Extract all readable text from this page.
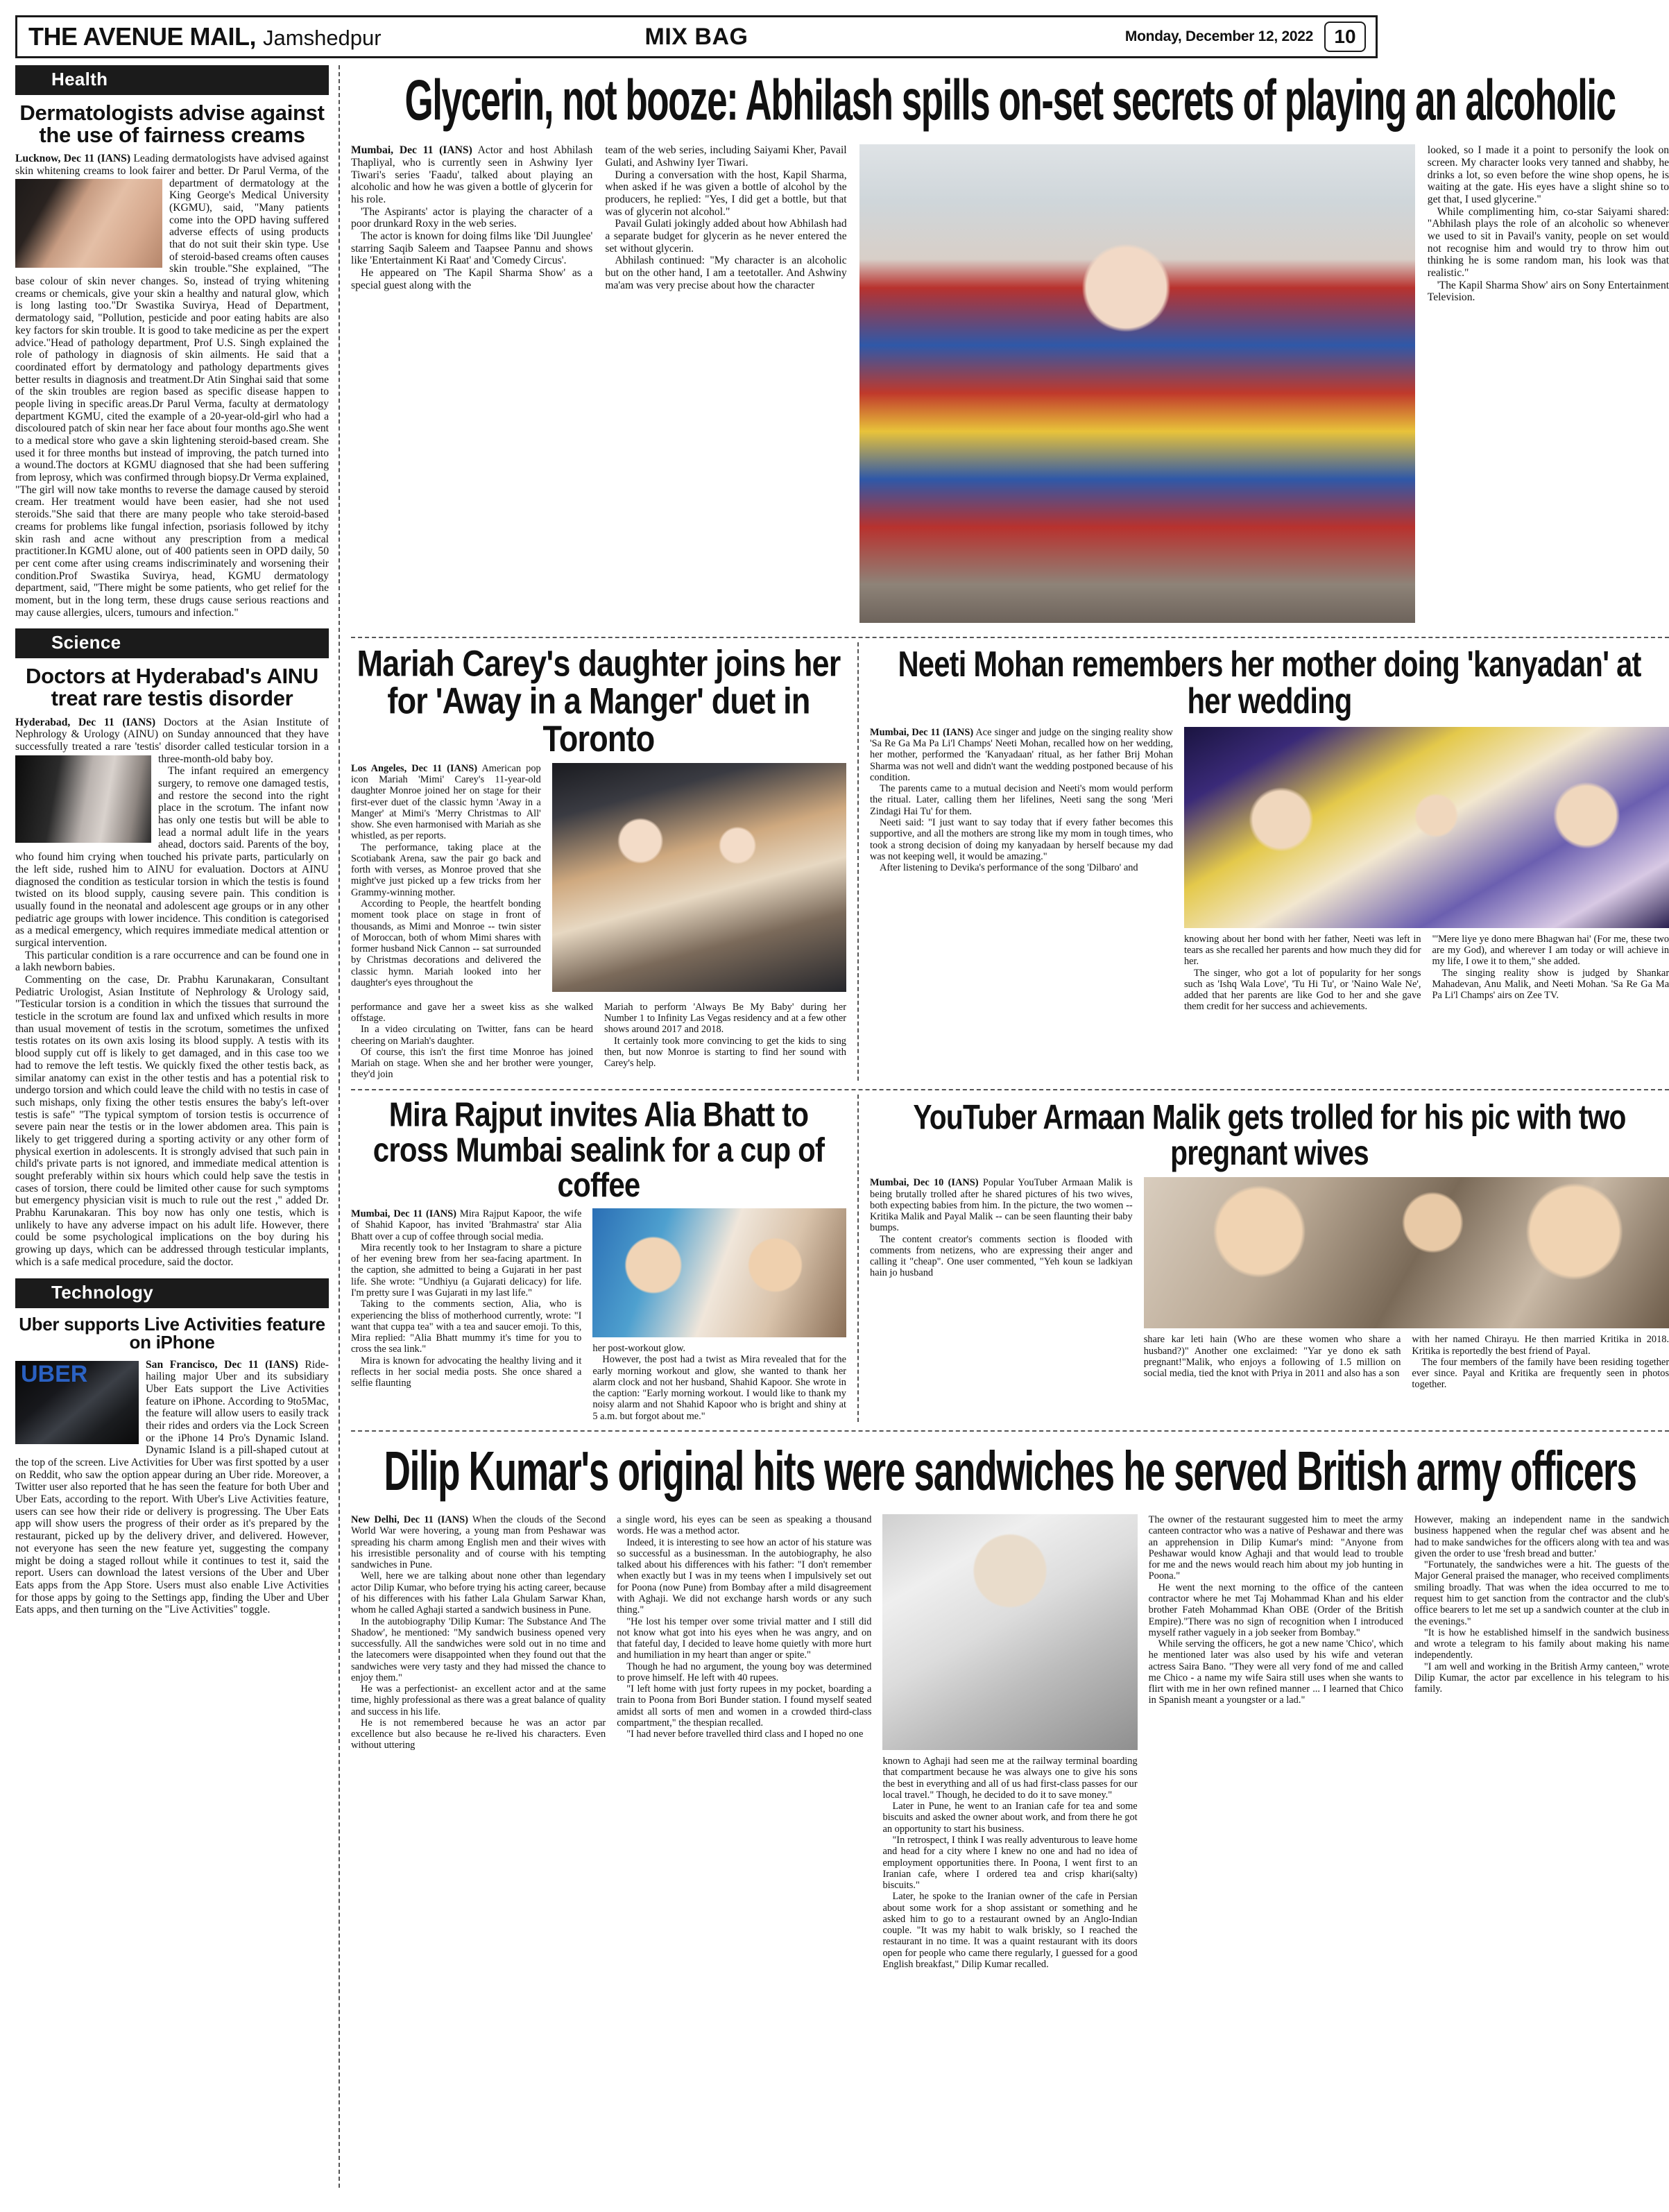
THE AVENUE MAIL, Jamshedpur	MIX BAG	Monday, December 12, 2022	10
Health
Dermatologists advise against the use of fairness creams
Lucknow, Dec 11 (IANS) Leading dermatologists have advised against skin whitening creams to look fairer and better. Dr Parul Verma, of the department of dermatology at the King George's Medical University (KGMU), said, "Many patients come into the OPD having suffered adverse effects of using products that do not suit their skin type. Use of steroid-based creams often causes skin trouble."She explained, "The base colour of skin never changes. So, instead of trying whitening creams or chemicals, give your skin a healthy and natural glow, which is long lasting too."Dr Swastika Suvirya, Head of Department, dermatology said, "Pollution, pesticide and poor eating habits are also key factors for skin trouble. It is good to take medicine as per the expert advice."Head of pathology department, Prof U.S. Singh explained the role of pathology in diagnosis of skin ailments. He said that a coordinated effort by dermatology and pathology departments gives better results in diagnosis and treatment.Dr Atin Singhai said that some of the skin troubles are region based as specific disease happen to people living in specific areas.Dr Parul Verma, faculty at dermatology department KGMU, cited the example of a 20-year-old-girl who had a discoloured patch of skin near her face about four months ago.She went to a medical store who gave a skin lightening steroid-based cream. She used it for three months but instead of improving, the patch turned into a wound.The doctors at KGMU diagnosed that she had been suffering from leprosy, which was confirmed through biopsy.Dr Verma explained, "The girl will now take months to reverse the damage caused by steroid cream. Her treatment would have been easier, had she not used steroids."She said that there are many people who take steroid-based creams for problems like fungal infection, psoriasis followed by itchy skin rash and acne without any prescription from a medical practitioner.In KGMU alone, out of 400 patients seen in OPD daily, 50 per cent come after using creams indiscriminately and worsening their condition.Prof Swastika Suvirya, head, KGMU dermatology department, said, "There might be some patients, who get relief for the moment, but in the long term, these drugs cause serious reactions and may cause allergies, ulcers, tumours and infection."
Science
Doctors at Hyderabad's AINU treat rare testis disorder
Hyderabad, Dec 11 (IANS) Doctors at the Asian Institute of Nephrology & Urology (AINU) on Sunday announced that they have successfully treated a rare 'testis' disorder called testicular torsion in a three-month-old baby boy.
The infant required an emergency surgery, to remove one damaged testis, and restore the second into the right place in the scrotum. The infant now has only one testis but will be able to lead a normal adult life in the years ahead, doctors said. Parents of the boy, who found him crying when touched his private parts, particularly on the left side, rushed him to AINU for evaluation. Doctors at AINU diagnosed the condition as testicular torsion in which the testis is found twisted on its blood supply, causing severe pain. This condition is usually found in the neonatal and adolescent age groups or in any other pediatric age groups with lower incidence. This condition is categorised as a medical emergency, which requires immediate medical attention or surgical intervention.
This particular condition is a rare occurrence and can be found one in a lakh newborn babies.
Commenting on the case, Dr. Prabhu Karunakaran, Consultant Pediatric Urologist, Asian Institute of Nephrology & Urology said, "Testicular torsion is a condition in which the tissues that surround the testicle in the scrotum are found lax and unfixed which results in more than usual movement of testis in the scrotum, sometimes the unfixed testis rotates on its own axis losing its blood supply. A testis with its blood supply cut off is likely to get damaged, and in this case too we had to remove the left testis. We quickly fixed the other testis back, as similar anatomy can exist in the other testis and has a potential risk to undergo torsion and which could leave the child with no testis in case of such mishaps, only fixing the other testis ensures the baby's left-over testis is safe" "The typical symptom of torsion testis is occurrence of severe pain near the testis or in the lower abdomen area. This pain is likely to get triggered during a sporting activity or any other form of physical exertion in adolescents. It is strongly advised that such pain in child's private parts is not ignored, and immediate medical attention is sought preferably within six hours which could help save the testis in cases of torsion, there could be limited other cause for such symptoms but emergency physician visit is much to rule out the rest ," added Dr. Prabhu Karunakaran. This boy now has only one testis, which is unlikely to have any adverse impact on his adult life. However, there could be some psychological implications on the boy during his growing up days, which can be addressed through testicular implants, which is a safe medical procedure, said the doctor.
Technology
Uber supports Live Activities feature on iPhone
San Francisco, Dec 11 (IANS) UBER Ride-hailing major Uber and its subsidiary Uber Eats support the Live Activities feature on iPhone. According to 9to5Mac, the feature will allow users to easily track their rides and orders via the Lock Screen or the iPhone 14 Pro's Dynamic Island. Dynamic Island is a pill-shaped cutout at the top of the screen. Live Activities for Uber was first spotted by a user on Reddit, who saw the option appear during an Uber ride. Moreover, a Twitter user also reported that he has seen the feature for both Uber and Uber Eats, according to the report. With Uber's Live Activities feature, users can see how their ride or delivery is progressing. The Uber Eats app will show users the progress of their order as it's prepared by the restaurant, picked up by the delivery driver, and delivered. However, not everyone has seen the new feature yet, suggesting the company might be doing a staged rollout while it continues to test it, said the report. Users can download the latest versions of the Uber and Uber Eats apps from the App Store. Users must also enable Live Activities for those apps by going to the Settings app, finding the Uber and Uber Eats apps, and then turning on the "Live Activities" toggle.
Glycerin, not booze: Abhilash spills on-set secrets of playing an alcoholic
Mumbai, Dec 11 (IANS) Actor and host Abhilash Thapliyal, who is currently seen in Ashwiny Iyer Tiwari's series 'Faadu', talked about playing an alcoholic and how he was given a bottle of glycerin for his role.
'The Aspirants' actor is playing the character of a poor drunkard Roxy in the web series.
The actor is known for doing films like 'Dil Juunglee' starring Saqib Saleem and Taapsee Pannu and shows like 'Entertainment Ki Raat' and 'Comedy Circus'.
He appeared on 'The Kapil Sharma Show' as a special guest along with the
team of the web series, including Saiyami Kher, Pavail Gulati, and Ashwiny Iyer Tiwari.
During a conversation with the host, Kapil Sharma, when asked if he was given a bottle of alcohol by the producers, he replied: "Yes, I did get a bottle, but that was of glycerin not alcohol."
Pavail Gulati jokingly added about how Abhilash had a separate budget for glycerin as he never entered the set without glycerin.
Abhilash continued: "My character is an alcoholic but on the other hand, I am a teetotaller. And Ashwiny ma'am was very precise about how the character
looked, so I made it a point to personify the look on screen. My character looks very tanned and shabby, he drinks a lot, so even before the wine shop opens, he is waiting at the gate. His eyes have a slight shine so to get that, I used glycerine."
While complimenting him, co-star Saiyami shared: "Abhilash plays the role of an alcoholic so whenever we used to sit in Pavail's vanity, people on set would not recognise him and would try to throw him out thinking he is some random man, his look was that realistic."
'The Kapil Sharma Show' airs on Sony Entertainment Television.
Mariah Carey's daughter joins her for 'Away in a Manger' duet in Toronto
Los Angeles, Dec 11 (IANS) American pop icon Mariah 'Mimi' Carey's 11-year-old daughter Monroe joined her on stage for their first-ever duet of the classic hymn 'Away in a Manger' at Mimi's 'Merry Christmas to All' show. She even harmonised with Mariah as she whistled, as per reports.
The performance, taking place at the Scotiabank Arena, saw the pair go back and forth with verses, as Monroe proved that she might've just picked up a few tricks from her Grammy-winning mother.
According to People, the heartfelt bonding moment took place on stage in front of thousands, as Mimi and Monroe -- twin sister of Moroccan, both of whom Mimi shares with former husband Nick Cannon -- sat surrounded by Christmas decorations and delivered the classic hymn. Mariah looked into her daughter's eyes throughout the
performance and gave her a sweet kiss as she walked offstage.
In a video circulating on Twitter, fans can be heard cheering on Mariah's daughter.
Of course, this isn't the first time Monroe has joined Mariah on stage. When she and her brother were younger, they'd join
Mariah to perform 'Always Be My Baby' during her Number 1 to Infinity Las Vegas residency and at a few other shows around 2017 and 2018.
It certainly took more convincing to get the kids to sing then, but now Monroe is starting to find her sound with Carey's help.
Neeti Mohan remembers her mother doing 'kanyadan' at her wedding
Mumbai, Dec 11 (IANS) Ace singer and judge on the singing reality show 'Sa Re Ga Ma Pa Li'l Champs' Neeti Mohan, recalled how on her wedding, her mother, performed the 'Kanyadaan' ritual, as her father Brij Mohan Sharma was not well and didn't want the wedding postponed because of his condition.
The parents came to a mutual decision and Neeti's mom would perform the ritual. Later, calling them her lifelines, Neeti sang the song 'Meri Zindagi Hai Tu' for them.
Neeti said: "I just want to say today that if every father becomes this supportive, and all the mothers are strong like my mom in tough times, who took a strong decision of doing my kanyadaan by herself because my dad was not keeping well, it would be amazing."
After listening to Devika's performance of the song 'Dilbaro' and
knowing about her bond with her father, Neeti was left in tears as she recalled her parents and how much they did for her.
The singer, who got a lot of popularity for her songs such as 'Ishq Wala Love', 'Tu Hi Tu', or 'Naino Wale Ne', added that her parents are like God to her and she gave them credit for her success and achievements.
"'Mere liye ye dono mere Bhagwan hai' (For me, these two are my God), and wherever I am today or will achieve in my life, I owe it to them," she added.
The singing reality show is judged by Shankar Mahadevan, Anu Malik, and Neeti Mohan. 'Sa Re Ga Ma Pa Li'l Champs' airs on Zee TV.
Mira Rajput invites Alia Bhatt to cross Mumbai sealink for a cup of coffee
Mumbai, Dec 11 (IANS) Mira Rajput Kapoor, the wife of Shahid Kapoor, has invited 'Brahmastra' star Alia Bhatt over a cup of coffee through social media.
Mira recently took to her Instagram to share a picture of her evening brew from her sea-facing apartment. In the caption, she admitted to being a Gujarati in her past life. She wrote: "Undhiyu (a Gujarati delicacy) for life. I'm pretty sure I was Gujarati in my last life."
Taking to the comments section, Alia, who is experiencing the bliss of motherhood currently, wrote: "I want that cuppa tea" with a tea and saucer emoji. To this, Mira replied: "Alia Bhatt mummy it's time for you to cross the sea link."
Mira is known for advocating the healthy living and it reflects in her social media posts. She once shared a selfie flaunting
her post-workout glow.
However, the post had a twist as Mira revealed that for the early morning workout and glow, she wanted to thank her alarm clock and not her husband, Shahid Kapoor. She wrote in the caption: "Early morning workout. I would like to thank my noisy alarm and not Shahid Kapoor who is bright and shiny at 5 a.m. but forgot about me."
YouTuber Armaan Malik gets trolled for his pic with two pregnant wives
Mumbai, Dec 10 (IANS) Popular YouTuber Armaan Malik is being brutally trolled after he shared pictures of his two wives, both expecting babies from him. In the picture, the two women -- Kritika Malik and Payal Malik -- can be seen flaunting their baby bumps.
The content creator's comments section is flooded with comments from netizens, who are expressing their anger and calling it "cheap". One user commented, "Yeh koun se ladkiyan hain jo husband
share kar leti hain (Who are these women who share a husband?)" Another one exclaimed: "Yar ye dono ek sath pregnant!"Malik, who enjoys a following of 1.5 million on social media, tied the knot with Priya in 2011 and also has a son
with her named Chirayu. He then married Kritika in 2018. Kritika is reportedly the best friend of Payal.
The four members of the family have been residing together ever since. Payal and Kritika are frequently seen in photos together.
Dilip Kumar's original hits were sandwiches he served British army officers
New Delhi, Dec 11 (IANS) When the clouds of the Second World War were hovering, a young man from Peshawar was spreading his charm among English men and their wives with his irresistible personality and of course with his tempting sandwiches in Pune.
Well, here we are talking about none other than legendary actor Dilip Kumar, who before trying his acting career, because of his differences with his father Lala Ghulam Sarwar Khan, whom he called Aghaji started a sandwich business in Pune.
In the autobiography 'Dilip Kumar: The Substance And The Shadow', he mentioned: "My sandwich business opened very successfully. All the sandwiches were sold out in no time and the latecomers were disappointed when they found out that the sandwiches were very tasty and they had missed the chance to enjoy them."
He was a perfectionist- an excellent actor and at the same time, highly professional as there was a great balance of quality and success in his life.
He is not remembered because he was an actor par excellence but also because he re-lived his characters. Even without uttering
a single word, his eyes can be seen as speaking a thousand words. He was a method actor.
Indeed, it is interesting to see how an actor of his stature was so successful as a businessman. In the autobiography, he also talked about his differences with his father: "I don't remember when exactly but I was in my teens when I impulsively set out for Poona (now Pune) from Bombay after a mild disagreement with Aghaji. We did not exchange harsh words or any such thing."
"He lost his temper over some trivial matter and I still did not know what got into his eyes when he was angry, and on that fateful day, I decided to leave home quietly with more hurt and humiliation in my heart than anger or spite."
Though he had no argument, the young boy was determined to prove himself. He left with 40 rupees.
"I left home with just forty rupees in my pocket, boarding a train to Poona from Bori Bunder station. I found myself seated amidst all sorts of men and women in a crowded third-class compartment," the thespian recalled.
"I had never before travelled third class and I hoped no one
known to Aghaji had seen me at the railway terminal boarding that compartment because he was always one to give his sons the best in everything and all of us had first-class passes for our local travel." Though, he decided to do it to save money."
Later in Pune, he went to an Iranian cafe for tea and some biscuits and asked the owner about work, and from there he got an opportunity to start his business.
"In retrospect, I think I was really adventurous to leave home and head for a city where I knew no one and had no idea of employment opportunities there. In Poona, I went first to an Iranian cafe, where I ordered tea and crisp khari(salty) biscuits."
Later, he spoke to the Iranian owner of the cafe in Persian about some work for a shop assistant or something and he asked him to go to a restaurant owned by an Anglo-Indian couple. "It was my habit to walk briskly, so I reached the restaurant in no time. It was a quaint restaurant with its doors open for people who came there regularly, I guessed for a good English breakfast," Dilip Kumar recalled.
The owner of the restaurant suggested him to meet the army canteen contractor who was a native of Peshawar and there was an apprehension in Dilip Kumar's mind: "Anyone from Peshawar would know Aghaji and that would lead to trouble for me and the news would reach him about my job hunting in Poona."
He went the next morning to the office of the canteen contractor where he met Taj Mohammad Khan and his elder brother Fateh Mohammad Khan OBE (Order of the British Empire)."There was no sign of recognition when I introduced myself rather vaguely in a job seeker from Bombay."
While serving the officers, he got a new name 'Chico', which he mentioned later was also used by his wife and veteran actress Saira Bano. "They were all very fond of me and called me Chico - a name my wife Saira still uses when she wants to flirt with me in her own refined manner ... I learned that Chico in Spanish meant a youngster or a lad."
However, making an independent name in the sandwich business happened when the regular chef was absent and he had to make sandwiches for the officers along with tea and was given the order to use 'fresh bread and butter.'
"Fortunately, the sandwiches were a hit. The guests of the Major General praised the manager, who received compliments smiling broadly. That was when the idea occurred to me to request him to get sanction from the contractor and the club's office bearers to let me set up a sandwich counter at the club in the evenings."
"It is how he established himself in the sandwich business and wrote a telegram to his family about making his name independently.
"I am well and working in the British Army canteen," wrote Dilip Kumar, the actor par excellence in his telegram to his family.
